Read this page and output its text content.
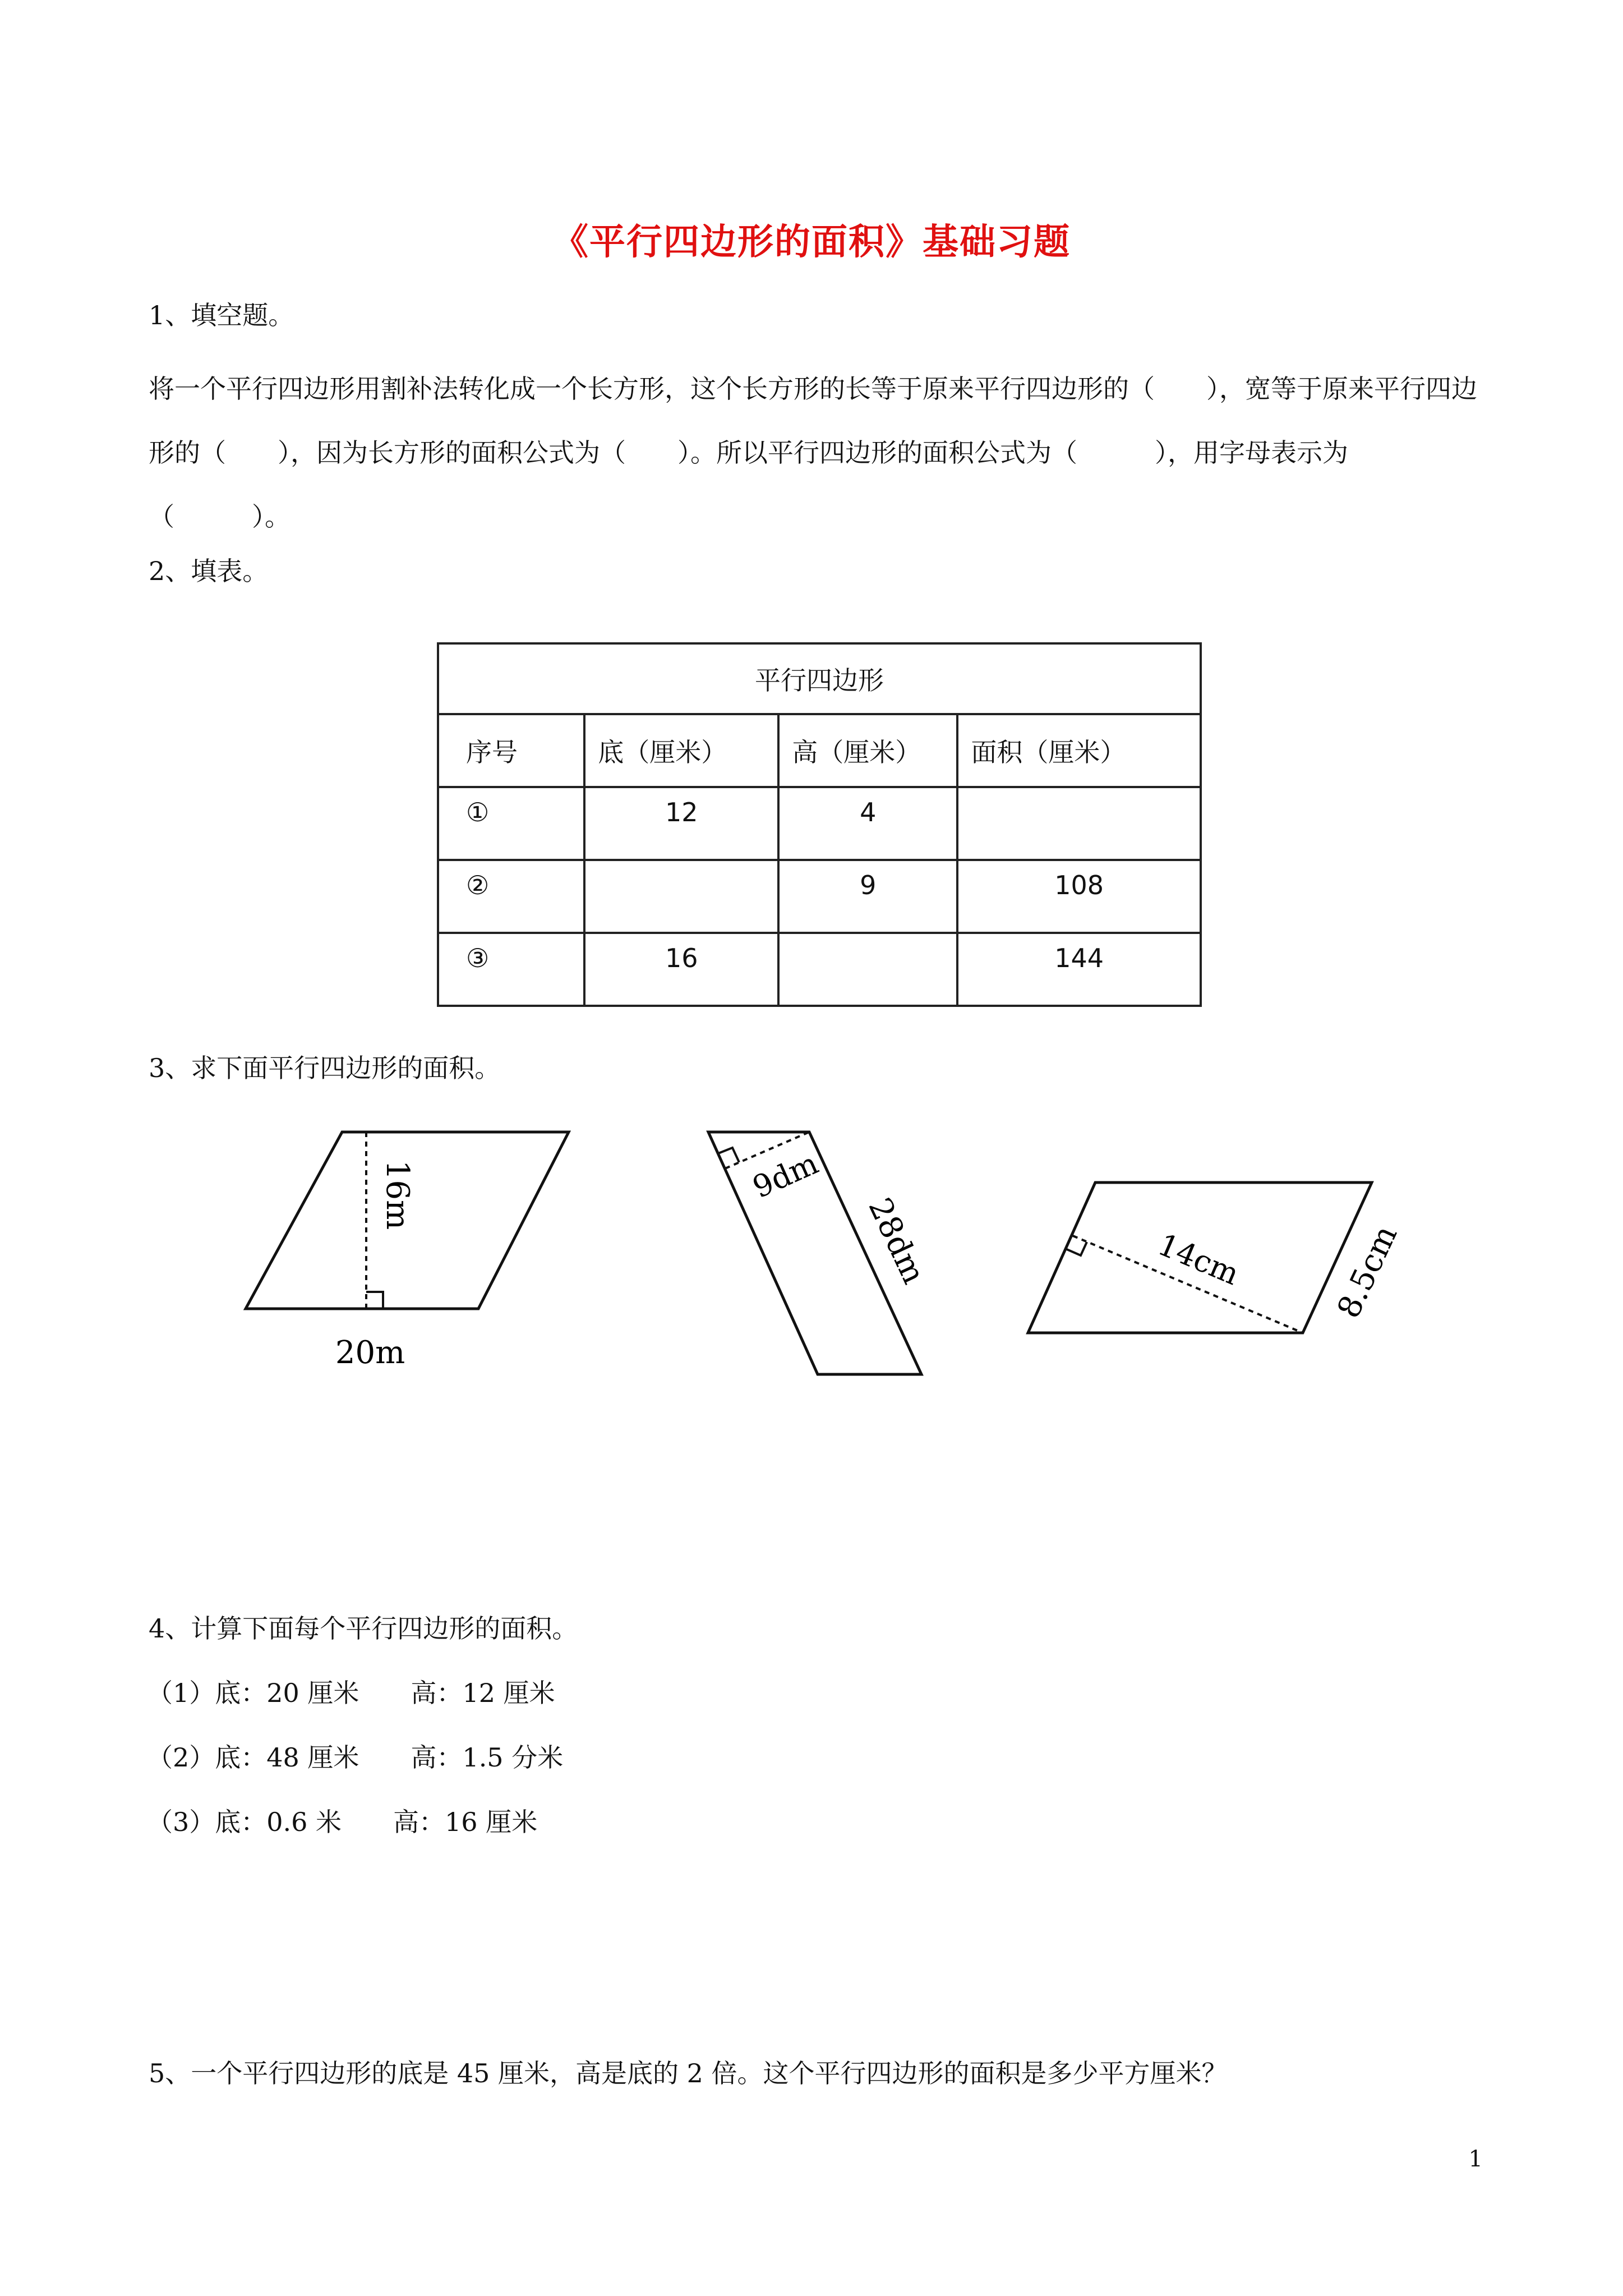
《平行四边形的面积》基础习题
1、填空题。
将一个平行四边形用割补法转化成一个长方形，这个长方形的长等于原来平行四边形的（　　），宽等于原来平行四边形的（　　），因为长方形的面积公式为（　　）。所以平行四边形的面积公式为（　　　），用字母表示为（　　　）。
2、填表。
平行四边形			
序号	底（厘米）	高（厘米）	面积（厘米）
①	12	4	
②		9	108
③	16		144
3、求下面平行四边形的面积。
16m
20m
9dm
28dm	14cm	8.5cm
4、计算下面每个平行四边形的面积。
（1）底：20 厘米　　高：12 厘米
（2）底：48 厘米　　高：1.5 分米
（3）底：0.6 米　　高：16 厘米
5、一个平行四边形的底是 45 厘米，高是底的 2 倍。这个平行四边形的面积是多少平方厘米？
1
